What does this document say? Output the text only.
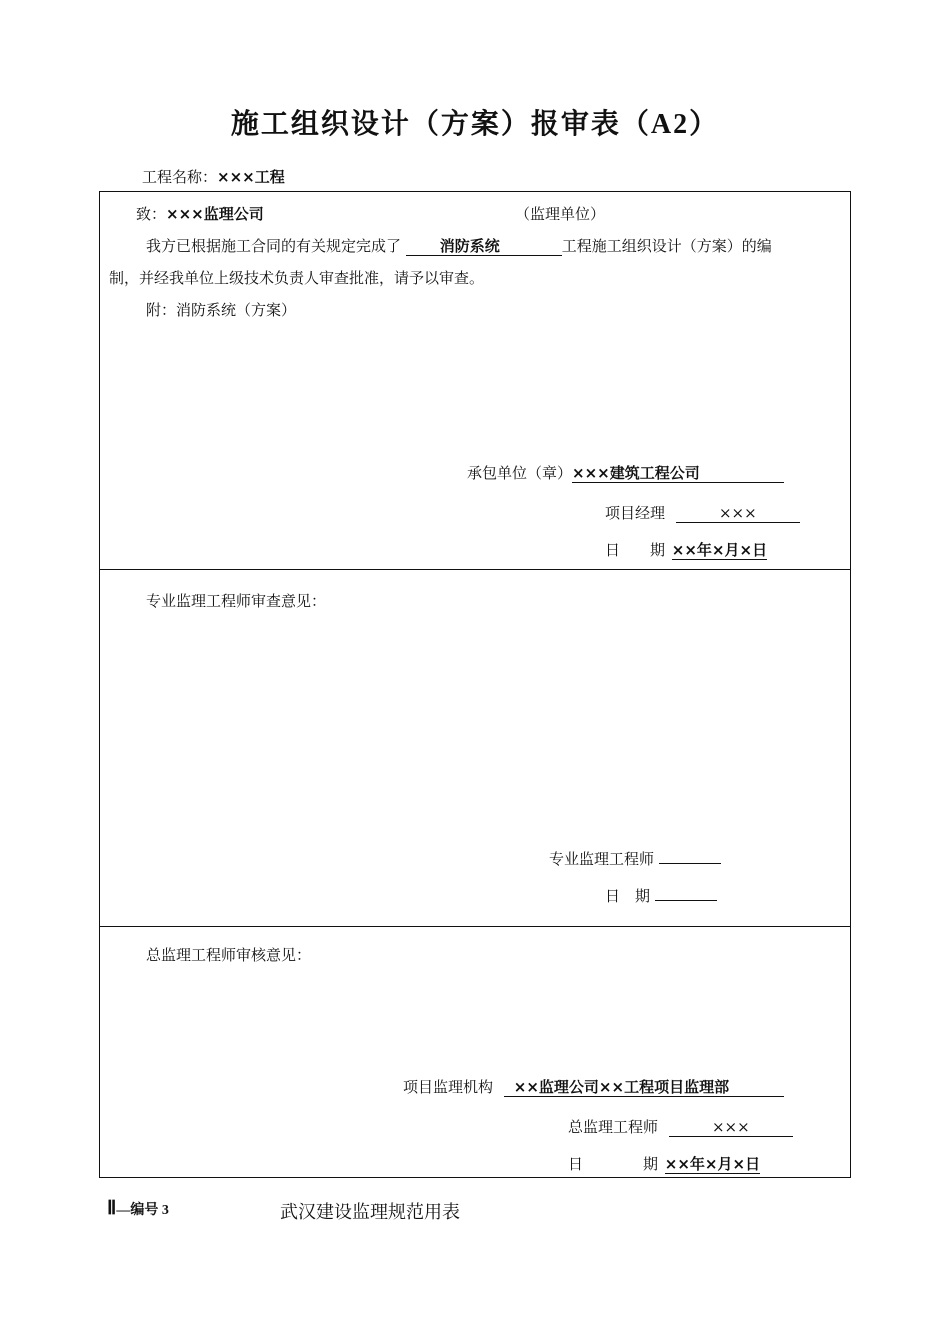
施工组织设计（方案）报审表（A2）
工程名称：×××工程
致：×××监理公司	（监理单位）
我方已根据施工合同的有关规定完成了	消防系统	工程施工组织设计（方案）的编
制，并经我单位上级技术负责人审查批准，请予以审查。
附：消防系统（方案）
承包单位（章）×××建筑工程公司
项目经理	×××
日　　期 ××年×月×日
专业监理工程师审查意见：
专业监理工程师
日　期
总监理工程师审核意见：
项目监理机构 ××监理公司××工程项目监理部
总监理工程师	×××
日　　　　期 ××年×月×日
Ⅱ—编号 3	武汉建设监理规范用表
